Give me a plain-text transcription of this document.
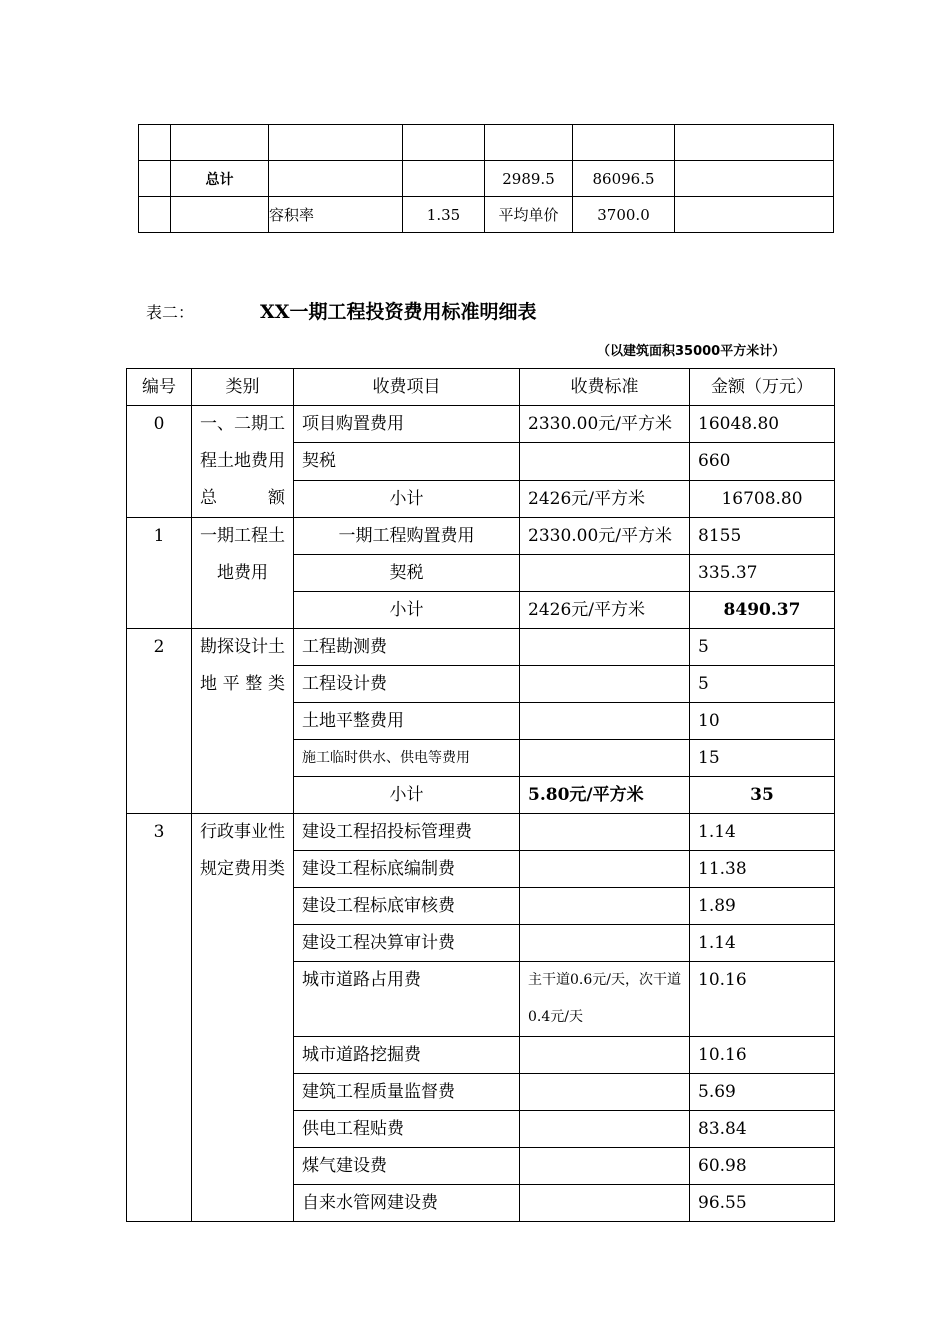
	总计			2989.5	86096.5	
		容积率	1.35	平均单价	3700.0	
表二：	XX一期工程投资费用标准明细表
（以建筑面积35000平方米计）
编号	类别	收费项目	收费标准	金额（万元）
0	一、二期工程土地费用总额	项目购置费用	2330.00元/平方米	16048.80
		契税		660
		小计	2426元/平方米	16708.80
1	一期工程土地费用	一期工程购置费用	2330.00元/平方米	8155
		契税		335.37
		小计	2426元/平方米	8490.37
2	勘探设计土地平整类	工程勘测费		5
		工程设计费		5
		土地平整费用		10
		施工临时供水、供电等费用		15
		小计	5.80元/平方米	35
3	行政事业性规定费用类	建设工程招投标管理费		1.14
		建设工程标底编制费		11.38
		建设工程标底审核费		1.89
		建设工程决算审计费		1.14
		城市道路占用费	主干道0.6元/天，次干道0.4元/天	10.16
		城市道路挖掘费		10.16
		建筑工程质量监督费		5.69
		供电工程贴费		83.84
		煤气建设费		60.98
		自来水管网建设费		96.55
